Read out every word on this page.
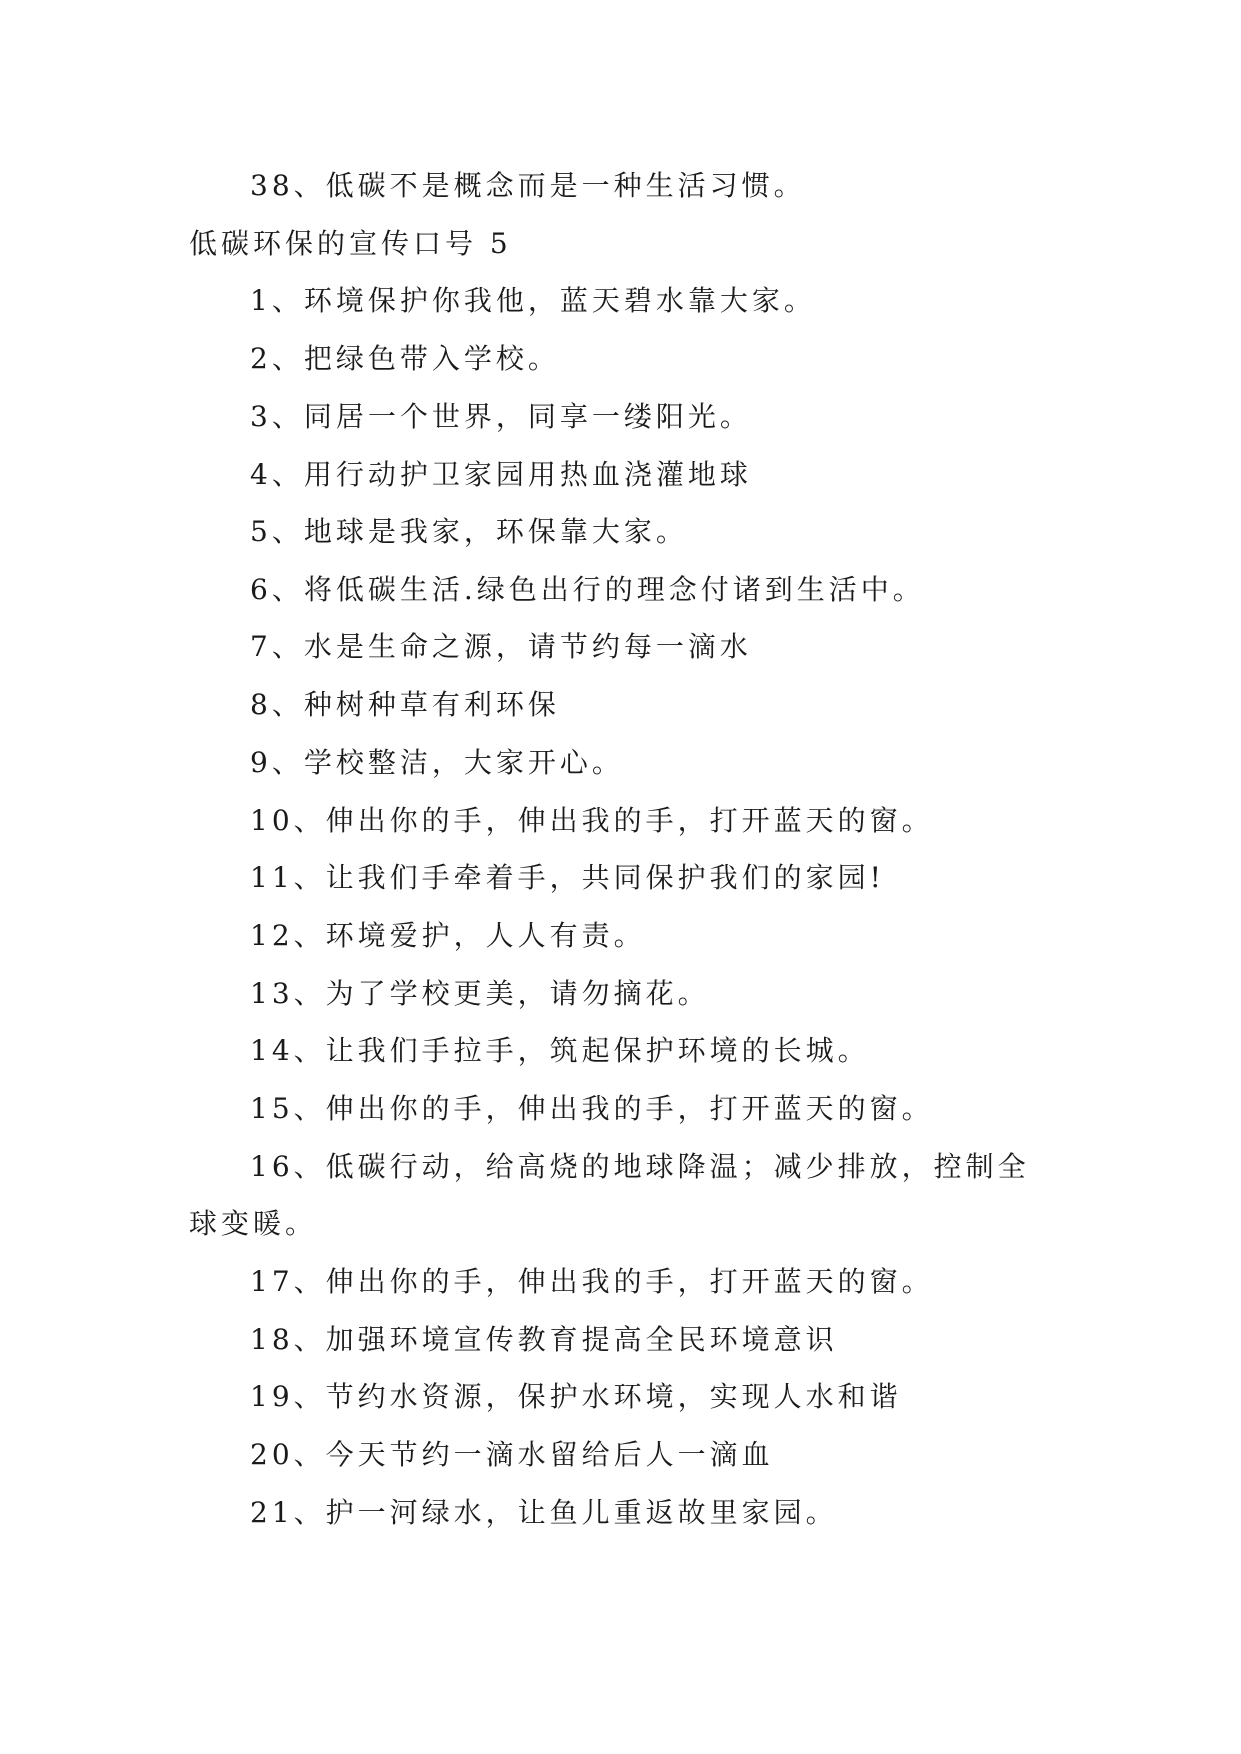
38、低碳不是概念而是一种生活习惯。
低碳环保的宣传口号 5
1、环境保护你我他，蓝天碧水靠大家。
2、把绿色带入学校。
3、同居一个世界，同享一缕阳光。
4、用行动护卫家园用热血浇灌地球
5、地球是我家，环保靠大家。
6、将低碳生活.绿色出行的理念付诸到生活中。
7、水是生命之源，请节约每一滴水
8、种树种草有利环保
9、学校整洁，大家开心。
10、伸出你的手，伸出我的手，打开蓝天的窗。
11、让我们手牵着手，共同保护我们的家园!
12、环境爱护，人人有责。
13、为了学校更美，请勿摘花。
14、让我们手拉手，筑起保护环境的长城。
15、伸出你的手，伸出我的手，打开蓝天的窗。
16、低碳行动，给高烧的地球降温；减少排放，控制全
球变暖。
17、伸出你的手，伸出我的手，打开蓝天的窗。
18、加强环境宣传教育提高全民环境意识
19、节约水资源，保护水环境，实现人水和谐
20、今天节约一滴水留给后人一滴血
21、护一河绿水，让鱼儿重返故里家园。
